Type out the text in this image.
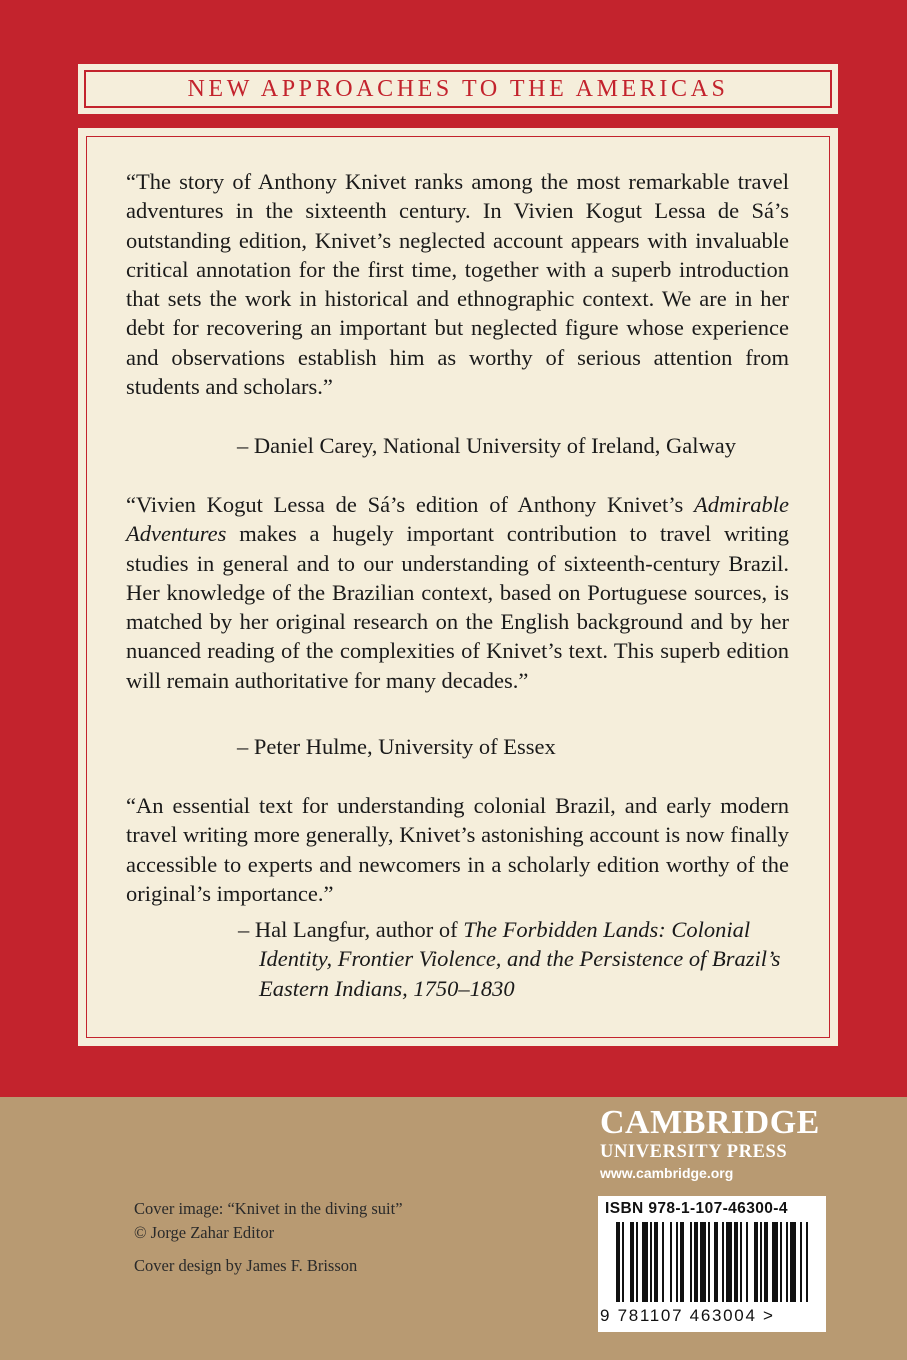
NEW APPROACHES TO THE AMERICAS

“The story of Anthony Knivet ranks among the most remarkable travel adventures in the sixteenth century. In Vivien Kogut Lessa de Sá’s outstanding edition, Knivet’s neglected account appears with invaluable critical annotation for the first time, together with a superb introduction that sets the work in historical and ethnographic context. We are in her debt for recovering an important but neglected figure whose experience and observations establish him as worthy of serious attention from students and scholars.”

– Daniel Carey, National University of Ireland, Galway

“Vivien Kogut Lessa de Sá’s edition of Anthony Knivet’s Admirable Adventures makes a hugely important contribution to travel writing studies in general and to our understanding of sixteenth-century Brazil. Her knowledge of the Brazilian context, based on Portuguese sources, is matched by her original research on the English background and by her nuanced reading of the complexities of Knivet’s text. This superb edition will remain authoritative for many decades.”

– Peter Hulme, University of Essex

“An essential text for understanding colonial Brazil, and early modern travel writing more generally, Knivet’s astonishing account is now finally accessible to experts and newcomers in a scholarly edition worthy of the original’s importance.”

– Hal Langfur, author of The Forbidden Lands: Colonial
Identity, Frontier Violence, and the Persistence of Brazil’s
Eastern Indians, 1750–1830
Cover image: “Knivet in the diving suit”
© Jorge Zahar Editor
Cover design by James F. Brisson
CAMBRIDGE
UNIVERSITY PRESS
www.cambridge.org
ISBN 978-1-107-46300-4
9 781107 463004 >
